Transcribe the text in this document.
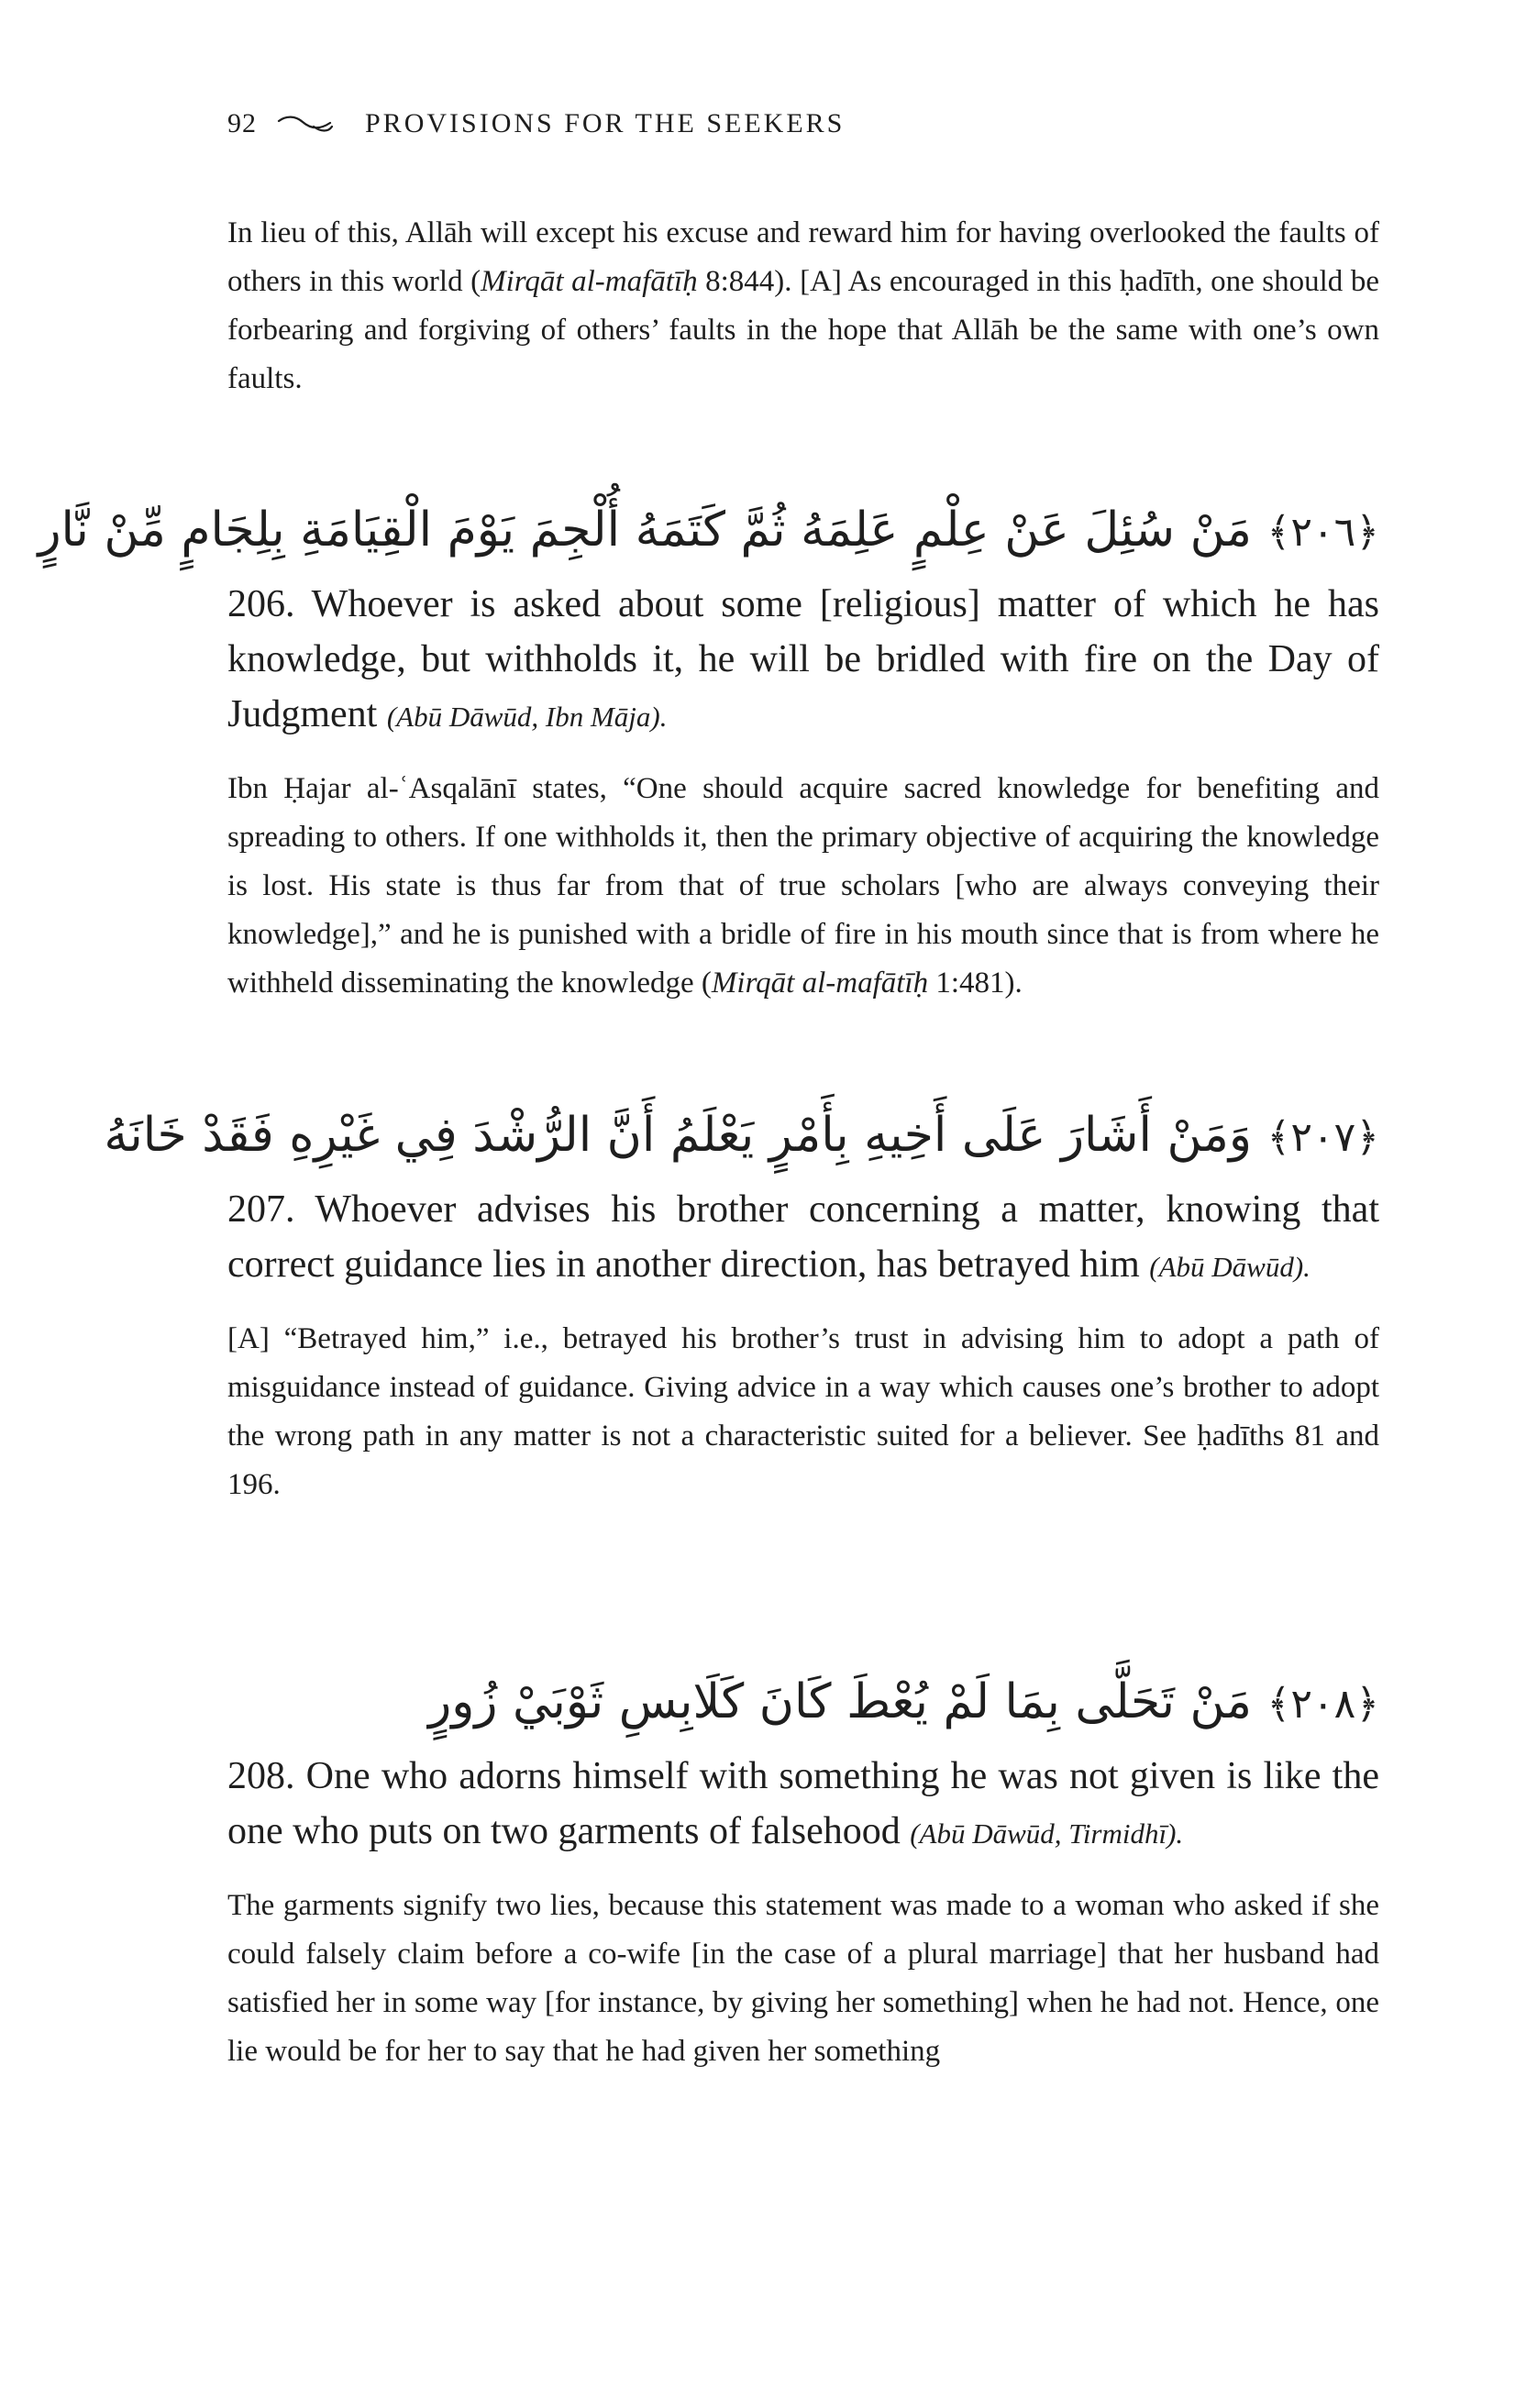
92	PROVISIONS FOR THE SEEKERS

In lieu of this, Allāh will except his excuse and reward him for having overlooked the faults of others in this world (Mirqāt al-mafātīḥ 8:844). [A] As encouraged in this ḥadīth, one should be forbearing and forgiving of others’ faults in the hope that Allāh be the same with one’s own faults.

﴿٢٠٦﴾ مَنْ سُئِلَ عَنْ عِلْمٍ عَلِمَهُ ثُمَّ كَتَمَهُ أُلْجِمَ يَوْمَ الْقِيَامَةِ بِلِجَامٍ مِّنْ نَّارٍ

206. Whoever is asked about some [religious] matter of which he has knowledge, but withholds it, he will be bridled with fire on the Day of Judgment (Abū Dāwūd, Ibn Māja).

Ibn Ḥajar al-ʿAsqalānī states, “One should acquire sacred knowledge for benefiting and spreading to others. If one withholds it, then the primary objective of acquiring the knowledge is lost. His state is thus far from that of true scholars [who are always conveying their knowledge],” and he is punished with a bridle of fire in his mouth since that is from where he withheld disseminating the knowledge (Mirqāt al-mafātīḥ 1:481).

﴿٢٠٧﴾ وَمَنْ أَشَارَ عَلَى أَخِيهِ بِأَمْرٍ يَعْلَمُ أَنَّ الرُّشْدَ فِي غَيْرِهِ فَقَدْ خَانَهُ

207. Whoever advises his brother concerning a matter, knowing that correct guidance lies in another direction, has betrayed him (Abū Dāwūd).

[A] “Betrayed him,” i.e., betrayed his brother’s trust in advising him to adopt a path of misguidance instead of guidance. Giving advice in a way which causes one’s brother to adopt the wrong path in any matter is not a characteristic suited for a believer. See ḥadīths 81 and 196.

﴿٢٠٨﴾ مَنْ تَحَلَّى بِمَا لَمْ يُعْطَ كَانَ كَلَابِسِ ثَوْبَيْ زُورٍ

208. One who adorns himself with something he was not given is like the one who puts on two garments of falsehood (Abū Dāwūd, Tirmidhī).

The garments signify two lies, because this statement was made to a woman who asked if she could falsely claim before a co-wife [in the case of a plural marriage] that her husband had satisfied her in some way [for instance, by giving her something] when he had not. Hence, one lie would be for her to say that he had given her something
